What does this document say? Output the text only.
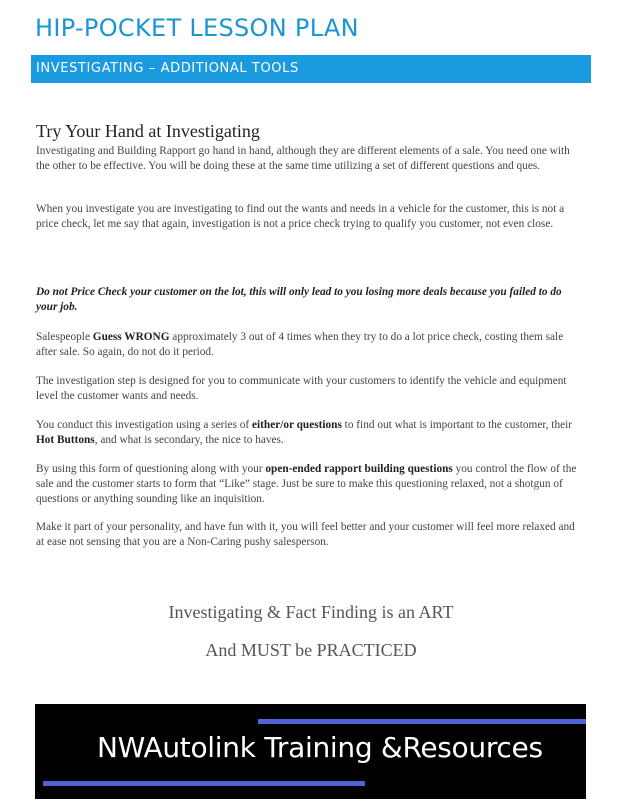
HIP-POCKET LESSON PLAN
INVESTIGATING – ADDITIONAL TOOLS
Try Your Hand at Investigating

Investigating and Building Rapport go hand in hand, although they are different elements of a sale. You need one with the other to be effective. You will be doing these at the same time utilizing a set of different questions and ques.

When you investigate you are investigating to find out the wants and needs in a vehicle for the customer, this is not a price check, let me say that again, investigation is not a price check trying to qualify you customer, not even close.

Do not Price Check your customer on the lot, this will only lead to you losing more deals because you failed to do your job.

Salespeople Guess WRONG approximately 3 out of 4 times when they try to do a lot price check, costing them sale after sale. So again, do not do it period.

The investigation step is designed for you to communicate with your customers to identify the vehicle and equipment level the customer wants and needs.

You conduct this investigation using a series of either/or questions to find out what is important to the customer, their Hot Buttons, and what is secondary, the nice to haves.

By using this form of questioning along with your open-ended rapport building questions you control the flow of the sale and the customer starts to form that “Like” stage. Just be sure to make this questioning relaxed, not a shotgun of questions or anything sounding like an inquisition.

Make it part of your personality, and have fun with it, you will feel better and your customer will feel more relaxed and at ease not sensing that you are a Non-Caring pushy salesperson.

Investigating & Fact Finding is an ART
And MUST be PRACTICED
NWAutolink Training &Resources
